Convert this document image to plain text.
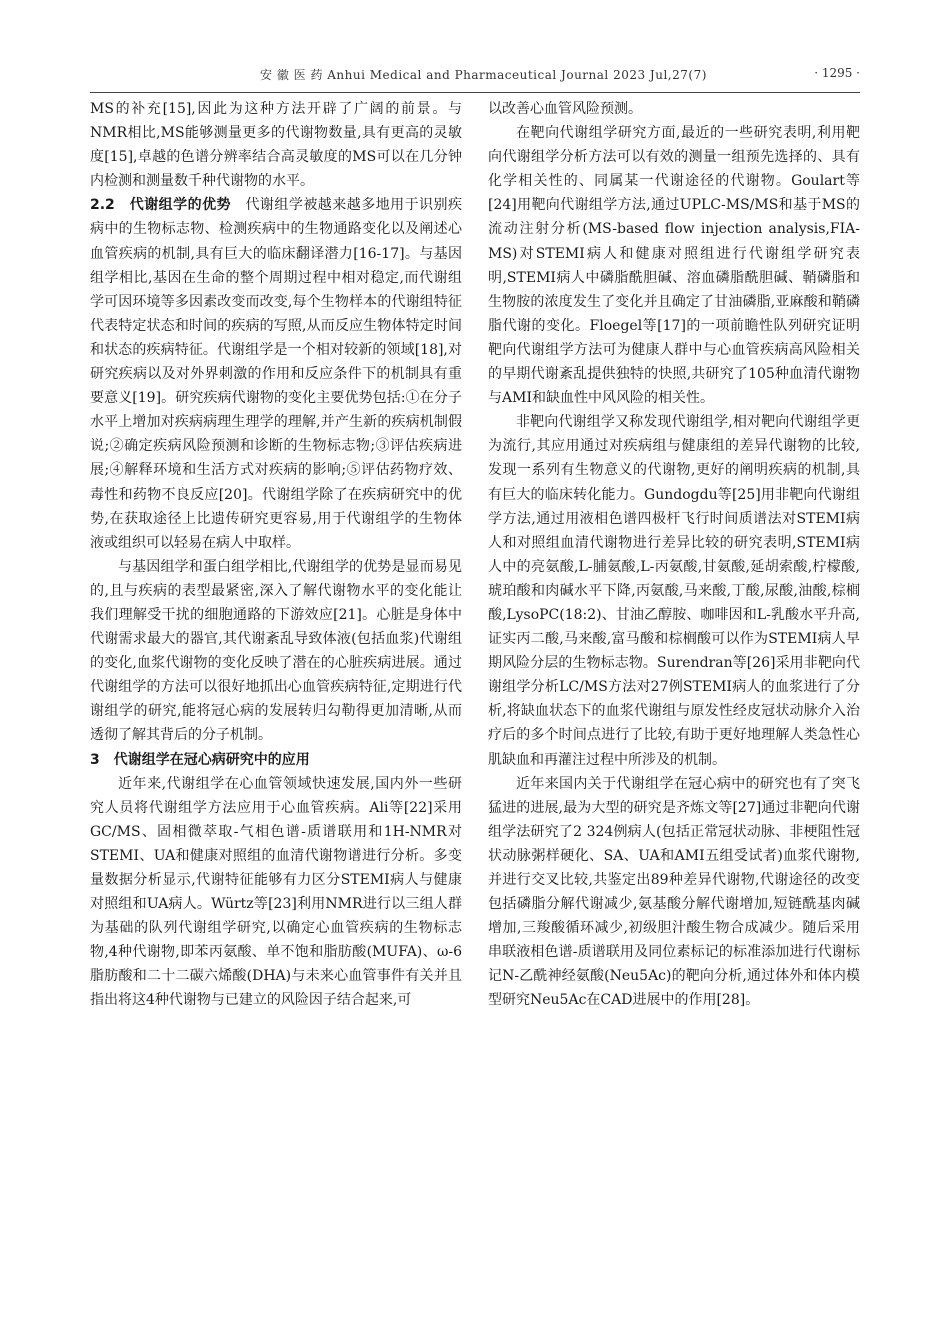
安 徽 医 药 Anhui Medical and Pharmaceutical Journal 2023 Jul,27(7)	· 1295 ·

MS的补充[15],因此为这种方法开辟了广阔的前景。与NMR相比,MS能够测量更多的代谢物数量,具有更高的灵敏度[15],卓越的色谱分辨率结合高灵敏度的MS可以在几分钟内检测和测量数千种代谢物的水平。

2.2　代谢组学的优势　 代谢组学被越来越多地用于识别疾病中的生物标志物、检测疾病中的生物通路变化以及阐述心血管疾病的机制,具有巨大的临床翻译潜力[16-17]。与基因组学相比,基因在生命的整个周期过程中相对稳定,而代谢组学可因环境等多因素改变而改变,每个生物样本的代谢组特征代表特定状态和时间的疾病的写照,从而反应生物体特定时间和状态的疾病特征。代谢组学是一个相对较新的领域[18],对研究疾病以及对外界刺激的作用和反应条件下的机制具有重要意义[19]。研究疾病代谢物的变化主要优势包括:①在分子水平上增加对疾病病理生理学的理解,并产生新的疾病机制假说;②确定疾病风险预测和诊断的生物标志物;③评估疾病进展;④解释环境和生活方式对疾病的影响;⑤评估药物疗效、毒性和药物不良反应[20]。代谢组学除了在疾病研究中的优势,在获取途径上比遗传研究更容易,用于代谢组学的生物体液或组织可以轻易在病人中取样。

与基因组学和蛋白组学相比,代谢组学的优势是显而易见的,且与疾病的表型最紧密,深入了解代谢物水平的变化能让我们理解受干扰的细胞通路的下游效应[21]。心脏是身体中代谢需求最大的器官,其代谢紊乱导致体液(包括血浆)代谢组的变化,血浆代谢物的变化反映了潜在的心脏疾病进展。通过代谢组学的方法可以很好地抓出心血管疾病特征,定期进行代谢组学的研究,能将冠心病的发展转归勾勒得更加清晰,从而透彻了解其背后的分子机制。

3　代谢组学在冠心病研究中的应用

近年来,代谢组学在心血管领域快速发展,国内外一些研究人员将代谢组学方法应用于心血管疾病。Ali等[22]采用GC/MS、固相微萃取-气相色谱-质谱联用和1H-NMR对STEMI、UA和健康对照组的血清代谢物谱进行分析。多变量数据分析显示,代谢特征能够有力区分STEMI病人与健康对照组和UA病人。Würtz等[23]利用NMR进行以三组人群为基础的队列代谢组学研究,以确定心血管疾病的生物标志物,4种代谢物,即苯丙氨酸、单不饱和脂肪酸(MUFA)、ω-6脂肪酸和二十二碳六烯酸(DHA)与未来心血管事件有关并且指出将这4种代谢物与已建立的风险因子结合起来,可

以改善心血管风险预测。

在靶向代谢组学研究方面,最近的一些研究表明,利用靶向代谢组学分析方法可以有效的测量一组预先选择的、具有化学相关性的、同属某一代谢途径的代谢物。Goulart等[24]用靶向代谢组学方法,通过UPLC-MS/MS和基于MS的流动注射分析(MS-based flow injection analysis,FIA-MS)对STEMI病人和健康对照组进行代谢组学研究表明,STEMI病人中磷脂酰胆碱、溶血磷脂酰胆碱、鞘磷脂和生物胺的浓度发生了变化并且确定了甘油磷脂,亚麻酸和鞘磷脂代谢的变化。Floegel等[17]的一项前瞻性队列研究证明靶向代谢组学方法可为健康人群中与心血管疾病高风险相关的早期代谢紊乱提供独特的快照,共研究了105种血清代谢物与AMI和缺血性中风风险的相关性。

非靶向代谢组学又称发现代谢组学,相对靶向代谢组学更为流行,其应用通过对疾病组与健康组的差异代谢物的比较,发现一系列有生物意义的代谢物,更好的阐明疾病的机制,具有巨大的临床转化能力。Gundogdu等[25]用非靶向代谢组学方法,通过用液相色谱四极杆飞行时间质谱法对STEMI病人和对照组血清代谢物进行差异比较的研究表明,STEMI病人中的亮氨酸,L-脯氨酸,L-丙氨酸,甘氨酸,延胡索酸,柠檬酸,琥珀酸和肉碱水平下降,丙氨酸,马来酸,丁酸,尿酸,油酸,棕榈酸,LysoPC(18:2)、甘油乙醇胺、咖啡因和L-乳酸水平升高,证实丙二酸,马来酸,富马酸和棕榈酸可以作为STEMI病人早期风险分层的生物标志物。Surendran等[26]采用非靶向代谢组学分析LC/MS方法对27例STEMI病人的血浆进行了分析,将缺血状态下的血浆代谢组与原发性经皮冠状动脉介入治疗后的多个时间点进行了比较,有助于更好地理解人类急性心肌缺血和再灌注过程中所涉及的机制。

近年来国内关于代谢组学在冠心病中的研究也有了突飞猛进的进展,最为大型的研究是齐炼文等[27]通过非靶向代谢组学法研究了2 324例病人(包括正常冠状动脉、非梗阻性冠状动脉粥样硬化、SA、UA和AMI五组受试者)血浆代谢物,并进行交叉比较,共鉴定出89种差异代谢物,代谢途径的改变包括磷脂分解代谢减少,氨基酸分解代谢增加,短链酰基肉碱增加,三羧酸循环减少,初级胆汁酸生物合成减少。随后采用串联液相色谱-质谱联用及同位素标记的标准添加进行代谢标记N-乙酰神经氨酸(Neu5Ac)的靶向分析,通过体外和体内模型研究Neu5Ac在CAD进展中的作用[28]。
